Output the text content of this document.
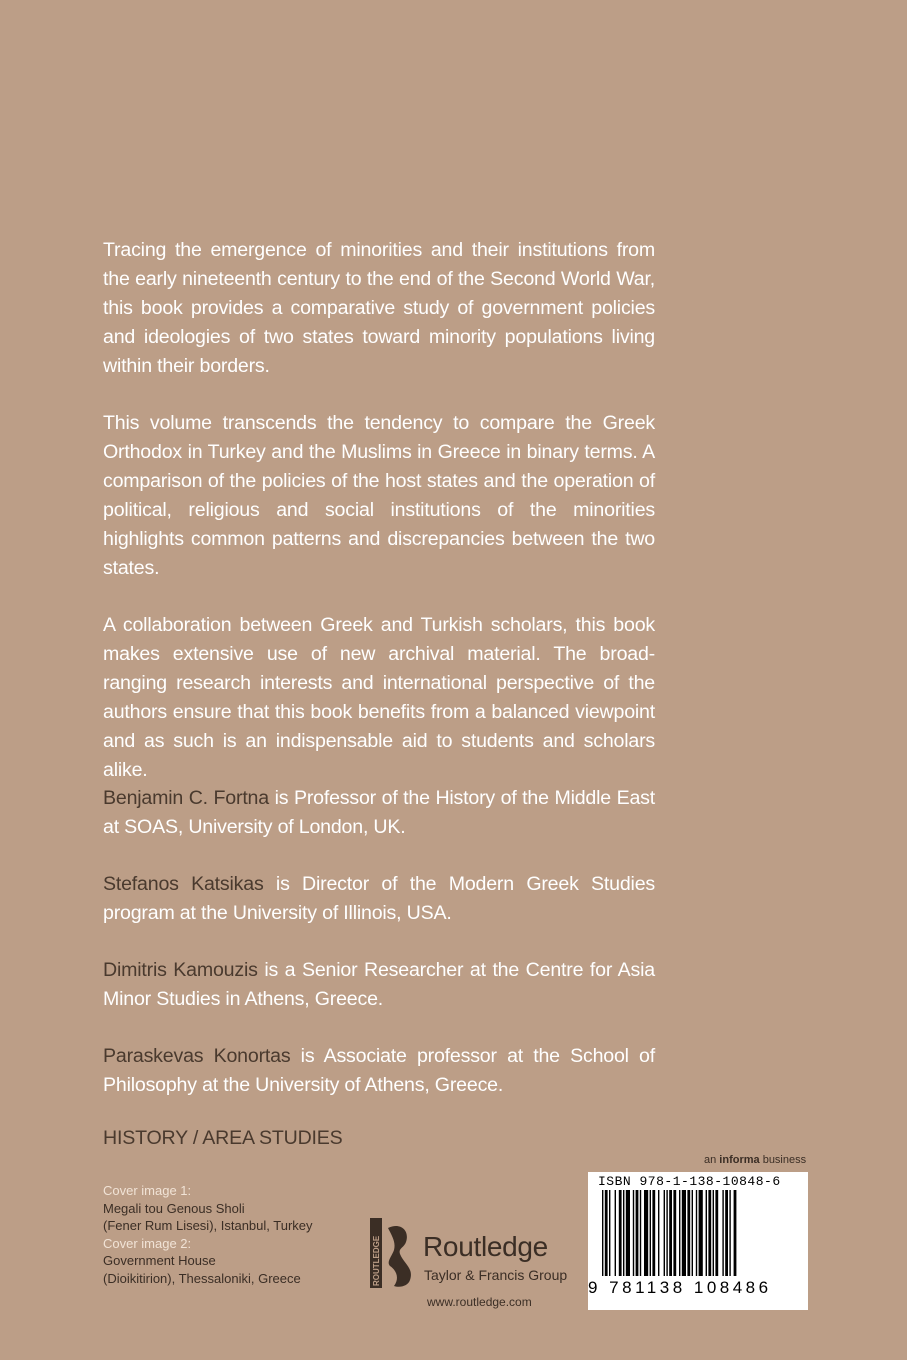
Tracing the emergence of minorities and their institutions from the early nineteenth century to the end of the Second World War, this book provides a comparative study of government policies and ideologies of two states toward minority populations living within their borders.

This volume transcends the tendency to compare the Greek Orthodox in Turkey and the Muslims in Greece in binary terms. A comparison of the policies of the host states and the operation of political, religious and social institutions of the minorities highlights common patterns and discrepancies between the two states.

A collaboration between Greek and Turkish scholars, this book makes extensive use of new archival material. The broad-ranging research interests and international perspective of the authors ensure that this book benefits from a balanced viewpoint and as such is an indispensable aid to students and scholars alike.

Benjamin C. Fortna is Professor of the History of the Middle East at SOAS, University of London, UK.

Stefanos Katsikas is Director of the Modern Greek Studies program at the University of Illinois, USA.

Dimitris Kamouzis is a Senior Researcher at the Centre for Asia Minor Studies in Athens, Greece.

Paraskevas Konortas is Associate professor at the School of Philosophy at the University of Athens, Greece.

HISTORY / AREA STUDIES
Cover image 1:
Megali tou Genous Sholi
(Fener Rum Lisesi), Istanbul, Turkey
Cover image 2:
Government House
(Dioikitirion), Thessaloniki, Greece	ROUTLEDGE Routledge
Taylor & Francis Group
www.routledge.com
an informa business
ISBN 978-1-138-10848-6
9 781138 108486
